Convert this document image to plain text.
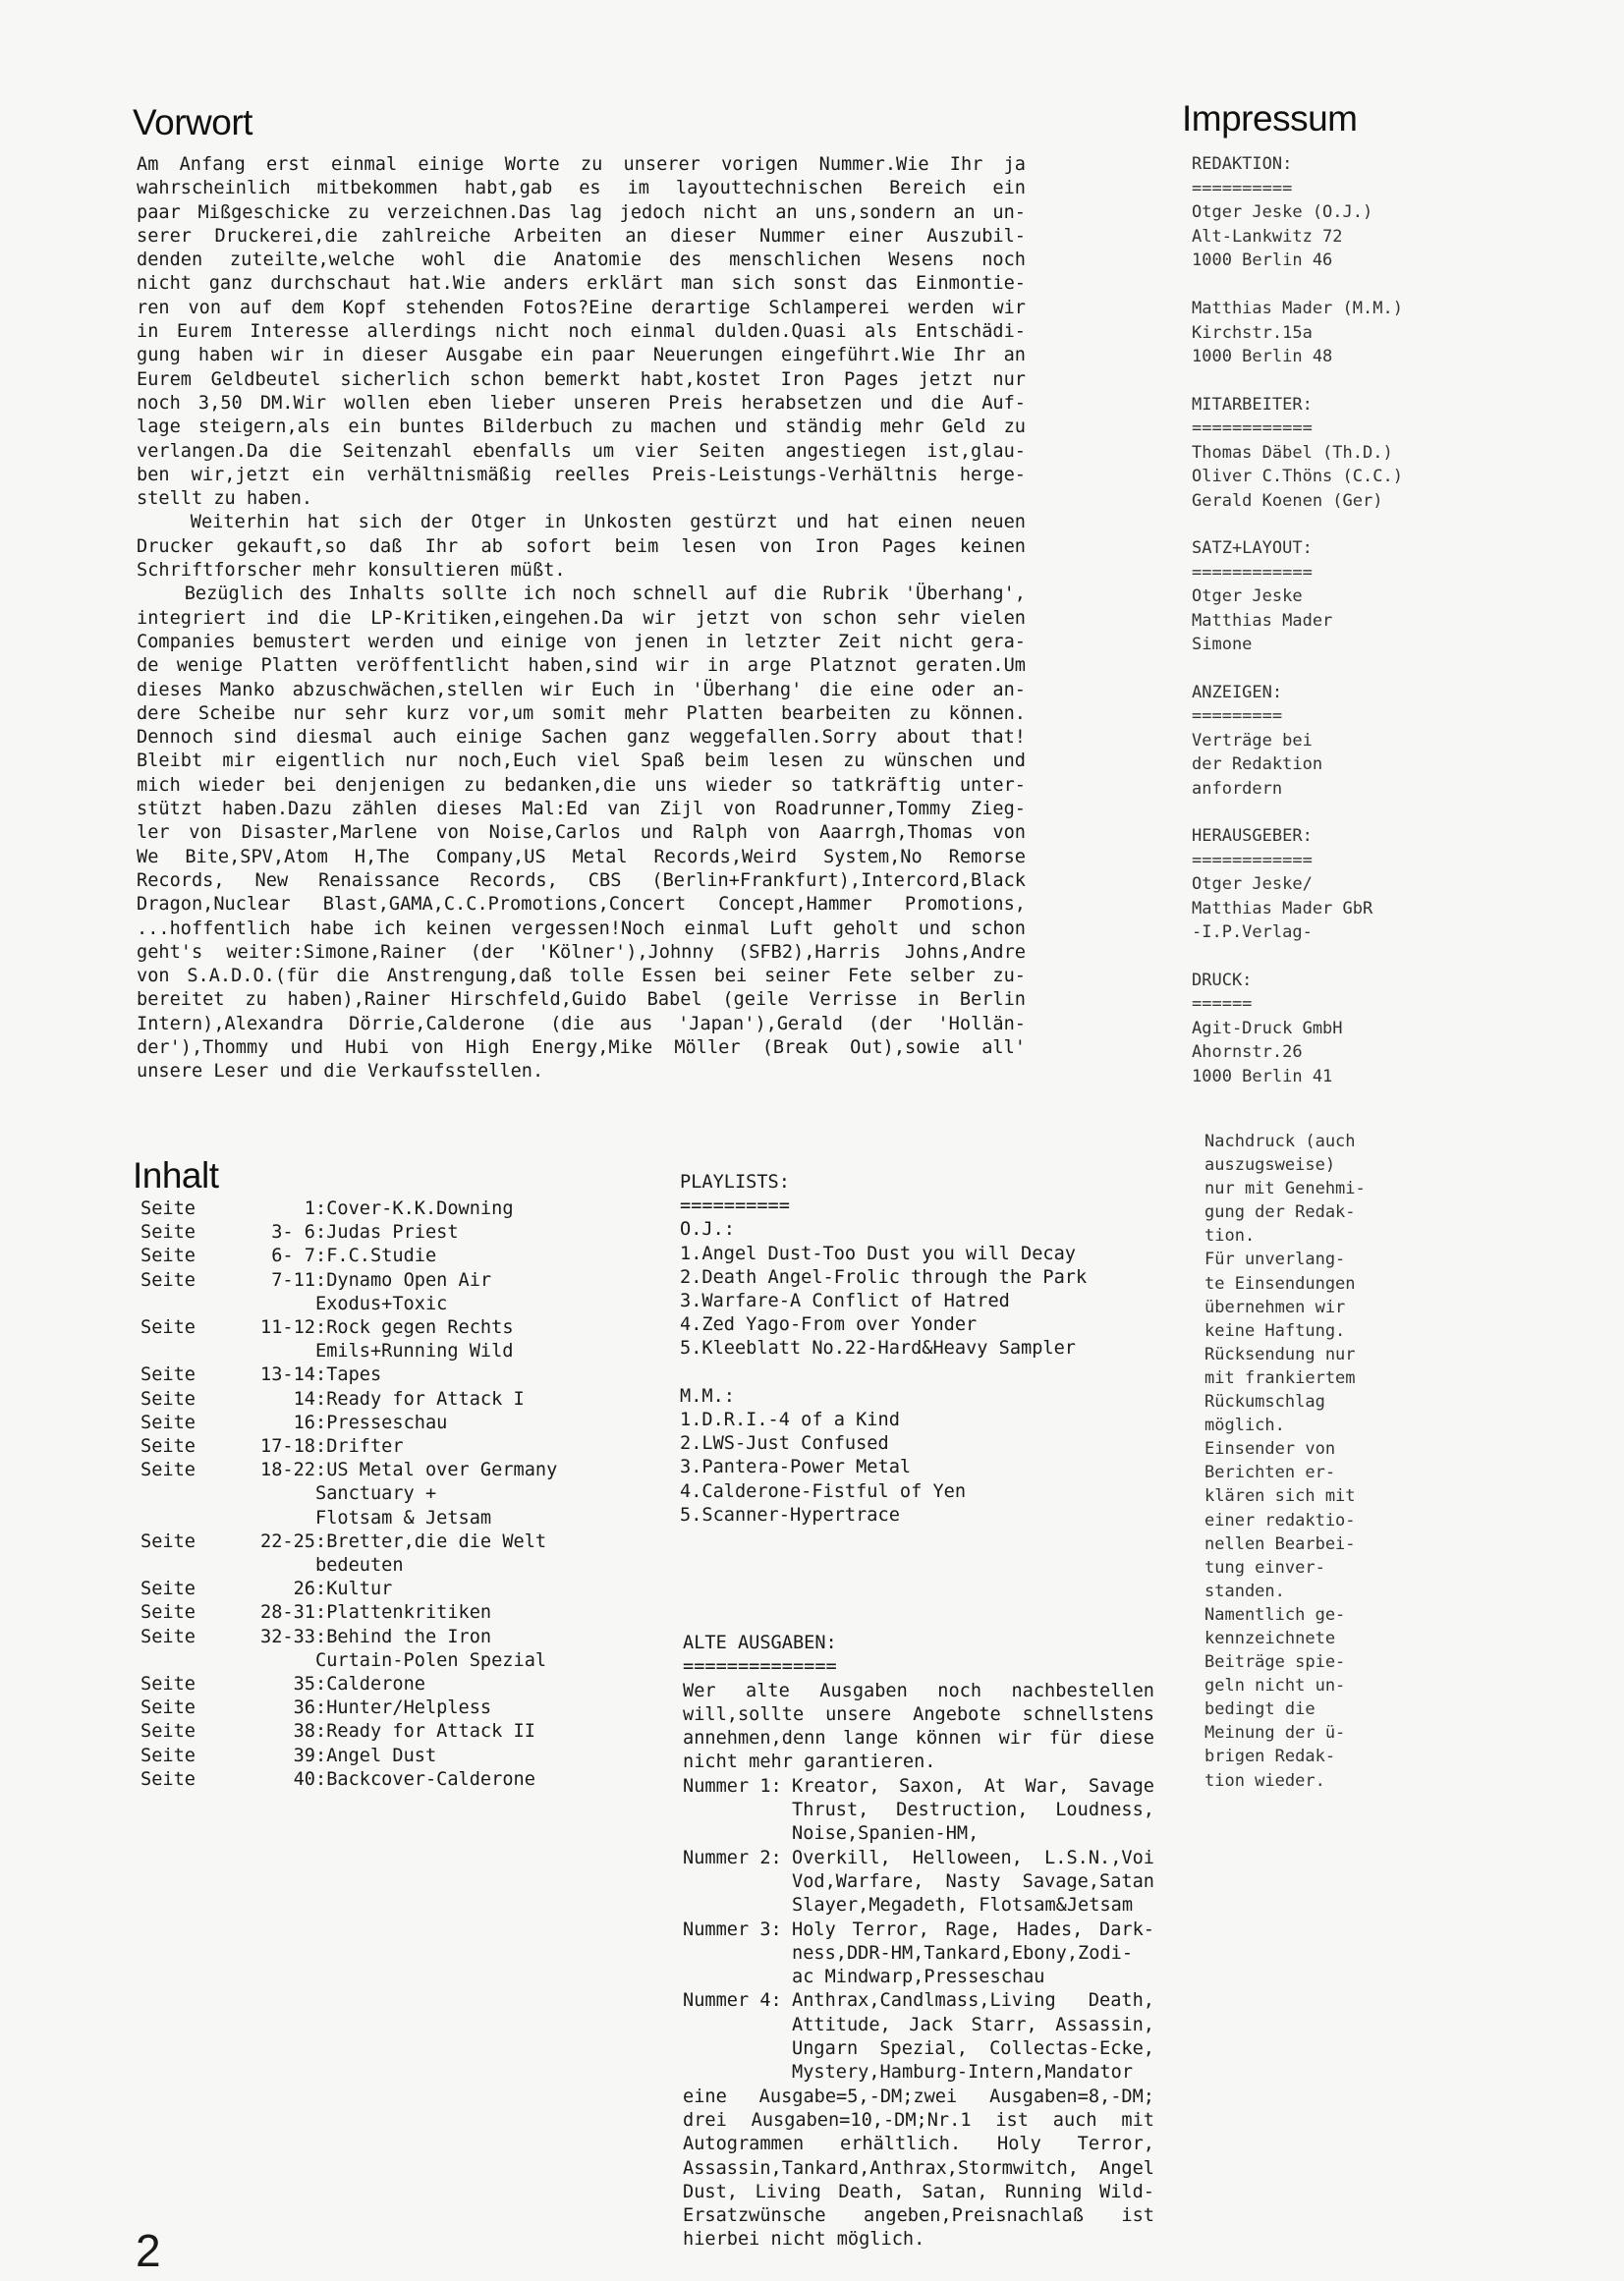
Vorwort
Am Anfang erst einmal einige Worte zu unserer vorigen Nummer.Wie Ihr ja
wahrscheinlich mitbekommen habt,gab es im layouttechnischen Bereich ein
paar Mißgeschicke zu verzeichnen.Das lag jedoch nicht an uns,sondern an un-
serer Druckerei,die zahlreiche Arbeiten an dieser Nummer einer Auszubil-
denden zuteilte,welche wohl die Anatomie des menschlichen Wesens noch
nicht ganz durchschaut hat.Wie anders erklärt man sich sonst das Einmontie-
ren von auf dem Kopf stehenden Fotos?Eine derartige Schlamperei werden wir
in Eurem Interesse allerdings nicht noch einmal dulden.Quasi als Entschädi-
gung haben wir in dieser Ausgabe ein paar Neuerungen eingeführt.Wie Ihr an
Eurem Geldbeutel sicherlich schon bemerkt habt,kostet Iron Pages jetzt nur
noch 3,50 DM.Wir wollen eben lieber unseren Preis herabsetzen und die Auf-
lage steigern,als ein buntes Bilderbuch zu machen und ständig mehr Geld zu
verlangen.Da die Seitenzahl ebenfalls um vier Seiten angestiegen ist,glau-
ben wir,jetzt ein verhältnismäßig reelles Preis-Leistungs-Verhältnis herge-
stellt zu haben.
Weiterhin hat sich der Otger in Unkosten gestürzt und hat einen neuen
Drucker gekauft,so daß Ihr ab sofort beim lesen von Iron Pages keinen
Schriftforscher mehr konsultieren müßt.
Bezüglich des Inhalts sollte ich noch schnell auf die Rubrik 'Überhang',
integriert ind die LP-Kritiken,eingehen.Da wir jetzt von schon sehr vielen
Companies bemustert werden und einige von jenen in letzter Zeit nicht gera-
de wenige Platten veröffentlicht haben,sind wir in arge Platznot geraten.Um
dieses Manko abzuschwächen,stellen wir Euch in 'Überhang' die eine oder an-
dere Scheibe nur sehr kurz vor,um somit mehr Platten bearbeiten zu können.
Dennoch sind diesmal auch einige Sachen ganz weggefallen.Sorry about that!
Bleibt mir eigentlich nur noch,Euch viel Spaß beim lesen zu wünschen und
mich wieder bei denjenigen zu bedanken,die uns wieder so tatkräftig unter-
stützt haben.Dazu zählen dieses Mal:Ed van Zijl von Roadrunner,Tommy Zieg-
ler von Disaster,Marlene von Noise,Carlos und Ralph von Aaarrgh,Thomas von
We Bite,SPV,Atom H,The Company,US Metal Records,Weird System,No Remorse
Records, New Renaissance Records, CBS (Berlin+Frankfurt),Intercord,Black
Dragon,Nuclear Blast,GAMA,C.C.Promotions,Concert Concept,Hammer Promotions,
...hoffentlich habe ich keinen vergessen!Noch einmal Luft geholt und schon
geht's weiter:Simone,Rainer (der 'Kölner'),Johnny (SFB2),Harris Johns,Andre
von S.A.D.O.(für die Anstrengung,daß tolle Essen bei seiner Fete selber zu-
bereitet zu haben),Rainer Hirschfeld,Guido Babel (geile Verrisse in Berlin
Intern),Alexandra Dörrie,Calderone (die aus 'Japan'),Gerald (der 'Hollän-
der'),Thommy und Hubi von High Energy,Mike Möller (Break Out),sowie all'
unsere Leser und die Verkaufsstellen.
Impressum
REDAKTION:
==========
Otger Jeske (O.J.)
Alt-Lankwitz 72
1000 Berlin 46

Matthias Mader (M.M.)
Kirchstr.15a
1000 Berlin 48
MITARBEITER:
============
Thomas Däbel (Th.D.)
Oliver C.Thöns (C.C.)
Gerald Koenen (Ger)
SATZ+LAYOUT:
============
Otger Jeske
Matthias Mader
Simone
ANZEIGEN:
=========
Verträge bei
der Redaktion
anfordern
HERAUSGEBER:
============
Otger Jeske/
Matthias Mader GbR
-I.P.Verlag-
DRUCK:
======
Agit-Druck GmbH
Ahornstr.26
1000 Berlin 41
Nachdruck (auch
auszugsweise)
nur mit Genehmi-
gung der Redak-
tion.
Für unverlang-
te Einsendungen
übernehmen wir
keine Haftung.
Rücksendung nur
mit frankiertem
Rückumschlag
möglich.
Einsender von
Berichten er-
klären sich mit
einer redaktio-
nellen Bearbei-
tung einver-
standen.
Namentlich ge-
kennzeichnete
Beiträge spie-
geln nicht un-
bedingt die
Meinung der ü-
brigen Redak-
tion wieder.
Inhalt
Seite	1 : Cover-K.K.Downing
Seite	3- 6 : Judas Priest
Seite	6- 7 : F.C.Studie
Seite	7-11 : Dynamo Open Air
Exodus+Toxic
Seite	11-12 : Rock gegen Rechts
Emils+Running Wild
Seite	13-14 : Tapes
Seite	14 : Ready for Attack I
Seite	16 : Presseschau
Seite	17-18 : Drifter
Seite	18-22 : US Metal over Germany
Sanctuary +
Flotsam & Jetsam
Seite	22-25 : Bretter,die die Welt
bedeuten
Seite	26 : Kultur
Seite	28-31 : Plattenkritiken
Seite	32-33 : Behind the Iron
Curtain-Polen Spezial
Seite	35 : Calderone
Seite	36 : Hunter/Helpless
Seite	38 : Ready for Attack II
Seite	39 : Angel Dust
Seite	40 : Backcover-Calderone
PLAYLISTS:
==========
O.J.:
1.Angel Dust-Too Dust you will Decay
2.Death Angel-Frolic through the Park
3.Warfare-A Conflict of Hatred
4.Zed Yago-From over Yonder
5.Kleeblatt No.22-Hard&Heavy Sampler

M.M.:
1.D.R.I.-4 of a Kind
2.LWS-Just Confused
3.Pantera-Power Metal
4.Calderone-Fistful of Yen
5.Scanner-Hypertrace
ALTE AUSGABEN:
==============
Wer alte Ausgaben noch nachbestellen will,sollte unsere Angebote schnellstens annehmen,denn lange können wir für diese nicht mehr garantieren.
Nummer 1: Kreator, Saxon, At War, Savage Thrust, Destruction, Loudness, Noise,Spanien-HM,
Nummer 2: Overkill, Helloween, L.S.N.,Voi Vod,Warfare, Nasty Savage,Satan Slayer,Megadeth, Flotsam&Jetsam
Nummer 3: Holy Terror, Rage, Hades, Dark-ness,DDR-HM,Tankard,Ebony,Zodi-ac Mindwarp,Presseschau
Nummer 4: Anthrax,Candlmass,Living Death, Attitude, Jack Starr, Assassin, Ungarn Spezial, Collectas-Ecke, Mystery,Hamburg-Intern,Mandator
eine Ausgabe=5,-DM;zwei Ausgaben=8,-DM; drei Ausgaben=10,-DM;Nr.1 ist auch mit Autogrammen erhältlich. Holy Terror, Assassin,Tankard,Anthrax,Stormwitch, Angel Dust, Living Death, Satan, Running Wild-Ersatzwünsche angeben,Preisnachlaß ist hierbei nicht möglich.
2
